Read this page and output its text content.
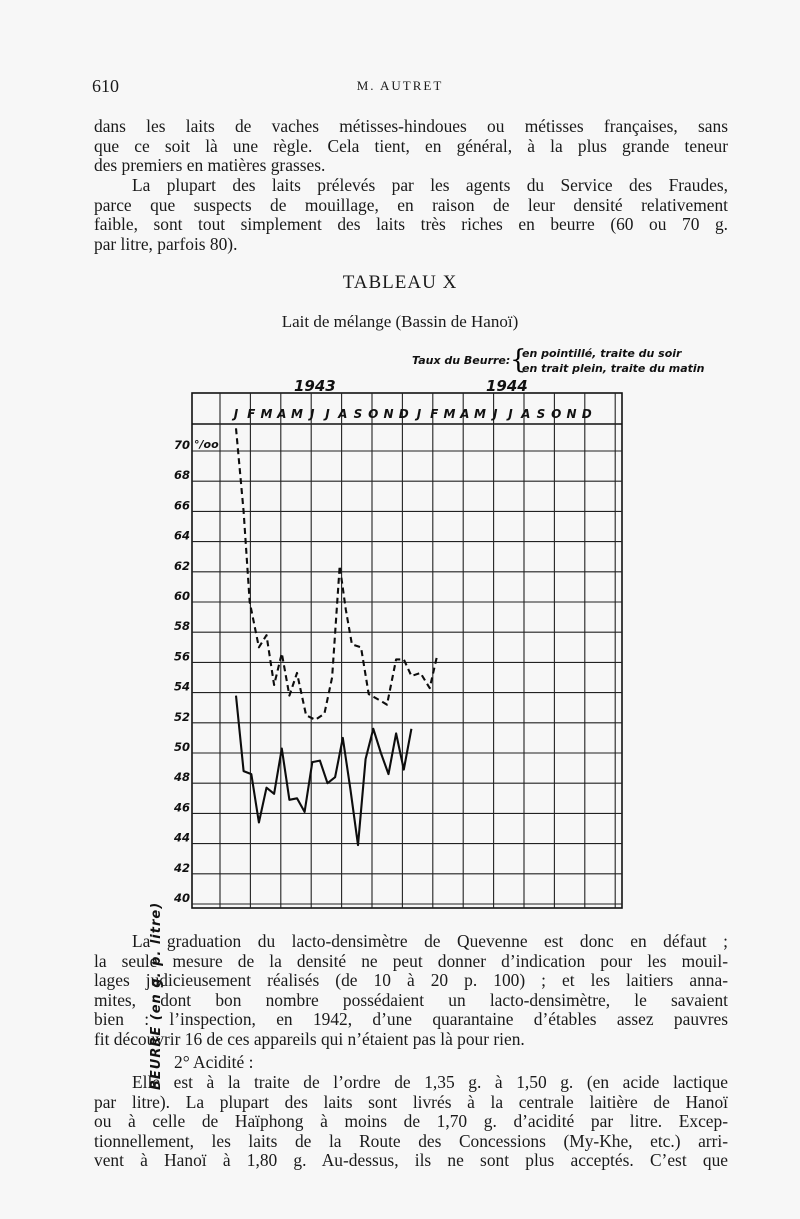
610	M. AUTRET
dans les laits de vaches métisses-hindoues ou métisses françaises, sans
que ce soit là une règle. Cela tient, en général, à la plus grande teneur
des premiers en matières grasses.
La plupart des laits prélevés par les agents du Service des Fraudes,
parce que suspects de mouillage, en raison de leur densité relativement
faible, sont tout simplement des laits très riches en beurre (60 ou 70 g.
par litre, parfois 80).
TABLEAU X
Lait de mélange (Bassin de Hanoï)
Taux du Beurre: {
en pointillé, traite du soir
en trait plein, traite du matin
1943	1944
J F M A M J J A S O N D J F M A M J J A S O N D
70
68
66
64
62
60
58
56
54
52
50
48
46
44
42
40
°/oo
BEURRE (en g. p. litre)
La graduation du lacto-densimètre de Quevenne est donc en défaut ;
la seule mesure de la densité ne peut donner d’indication pour les mouil-
lages judicieusement réalisés (de 10 à 20 p. 100) ; et les laitiers anna-
mites, dont bon nombre possédaient un lacto-densimètre, le savaient
bien : l’inspection, en 1942, d’une quarantaine d’étables assez pauvres
fit découvrir 16 de ces appareils qui n’étaient pas là pour rien.
2° Acidité :
Elle est à la traite de l’ordre de 1,35 g. à 1,50 g. (en acide lactique
par litre). La plupart des laits sont livrés à la centrale laitière de Hanoï
ou à celle de Haïphong à moins de 1,70 g. d’acidité par litre. Excep-
tionnellement, les laits de la Route des Concessions (My-Khe, etc.) arri-
vent à Hanoï à 1,80 g. Au-dessus, ils ne sont plus acceptés. C’est que
